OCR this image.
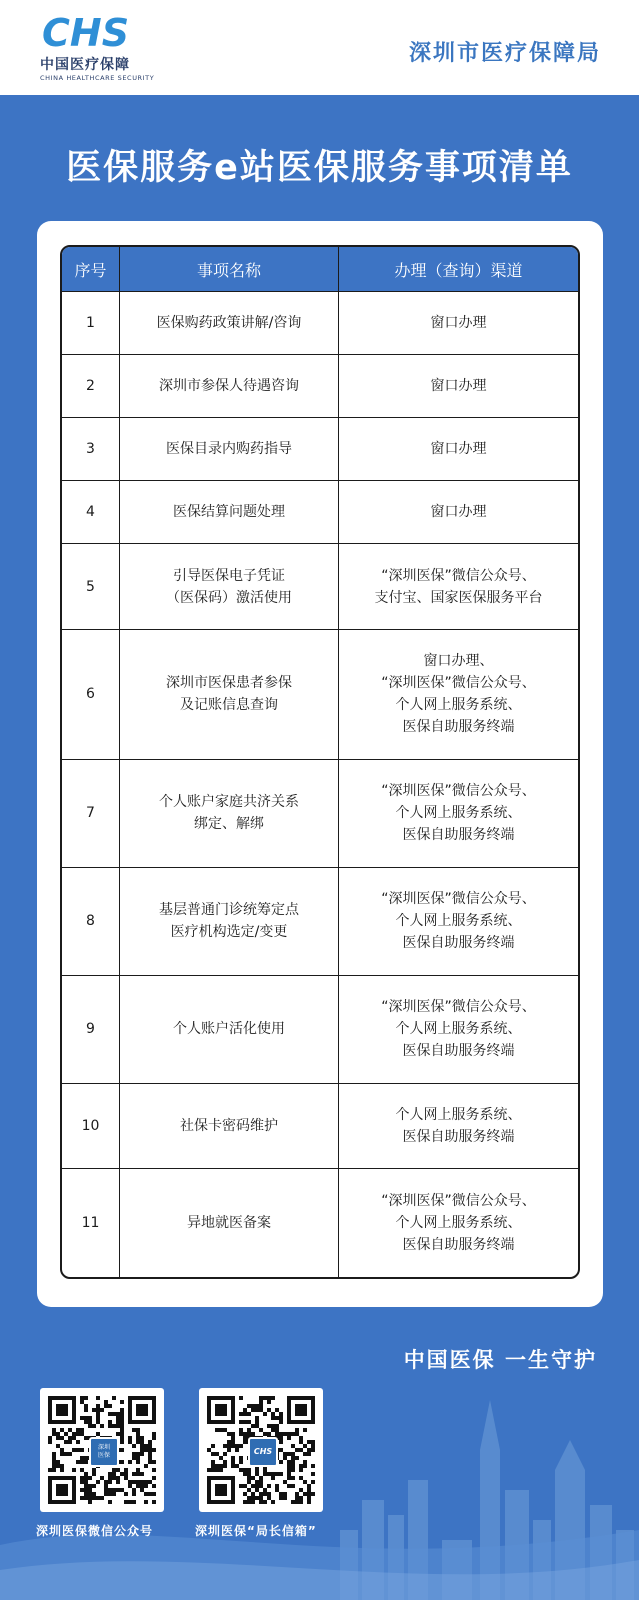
CHS
中国医疗保障
CHINA HEALTHCARE SECURITY
深圳市医疗保障局
医保服务e站医保服务事项清单
序号	事项名称	办理（查询）渠道
1	医保购药政策讲解/咨询	窗口办理
2	深圳市参保人待遇咨询	窗口办理
3	医保目录内购药指导	窗口办理
4	医保结算问题处理	窗口办理
5	引导医保电子凭证
（医保码）激活使用	“深圳医保”微信公众号、
支付宝、国家医保服务平台
6	深圳市医保患者参保
及记账信息查询	窗口办理、
“深圳医保”微信公众号、
个人网上服务系统、
医保自助服务终端
7	个人账户家庭共济关系
绑定、解绑	“深圳医保”微信公众号、
个人网上服务系统、
医保自助服务终端
8	基层普通门诊统筹定点
医疗机构选定/变更	“深圳医保”微信公众号、
个人网上服务系统、
医保自助服务终端
9	个人账户活化使用	“深圳医保”微信公众号、
个人网上服务系统、
医保自助服务终端
10	社保卡密码维护	个人网上服务系统、
医保自助服务终端
11	异地就医备案	“深圳医保”微信公众号、
个人网上服务系统、
医保自助服务终端
中国医保 一生守护
深圳
医保
深圳医保微信公众号
CHS
深圳医保“局长信箱”
